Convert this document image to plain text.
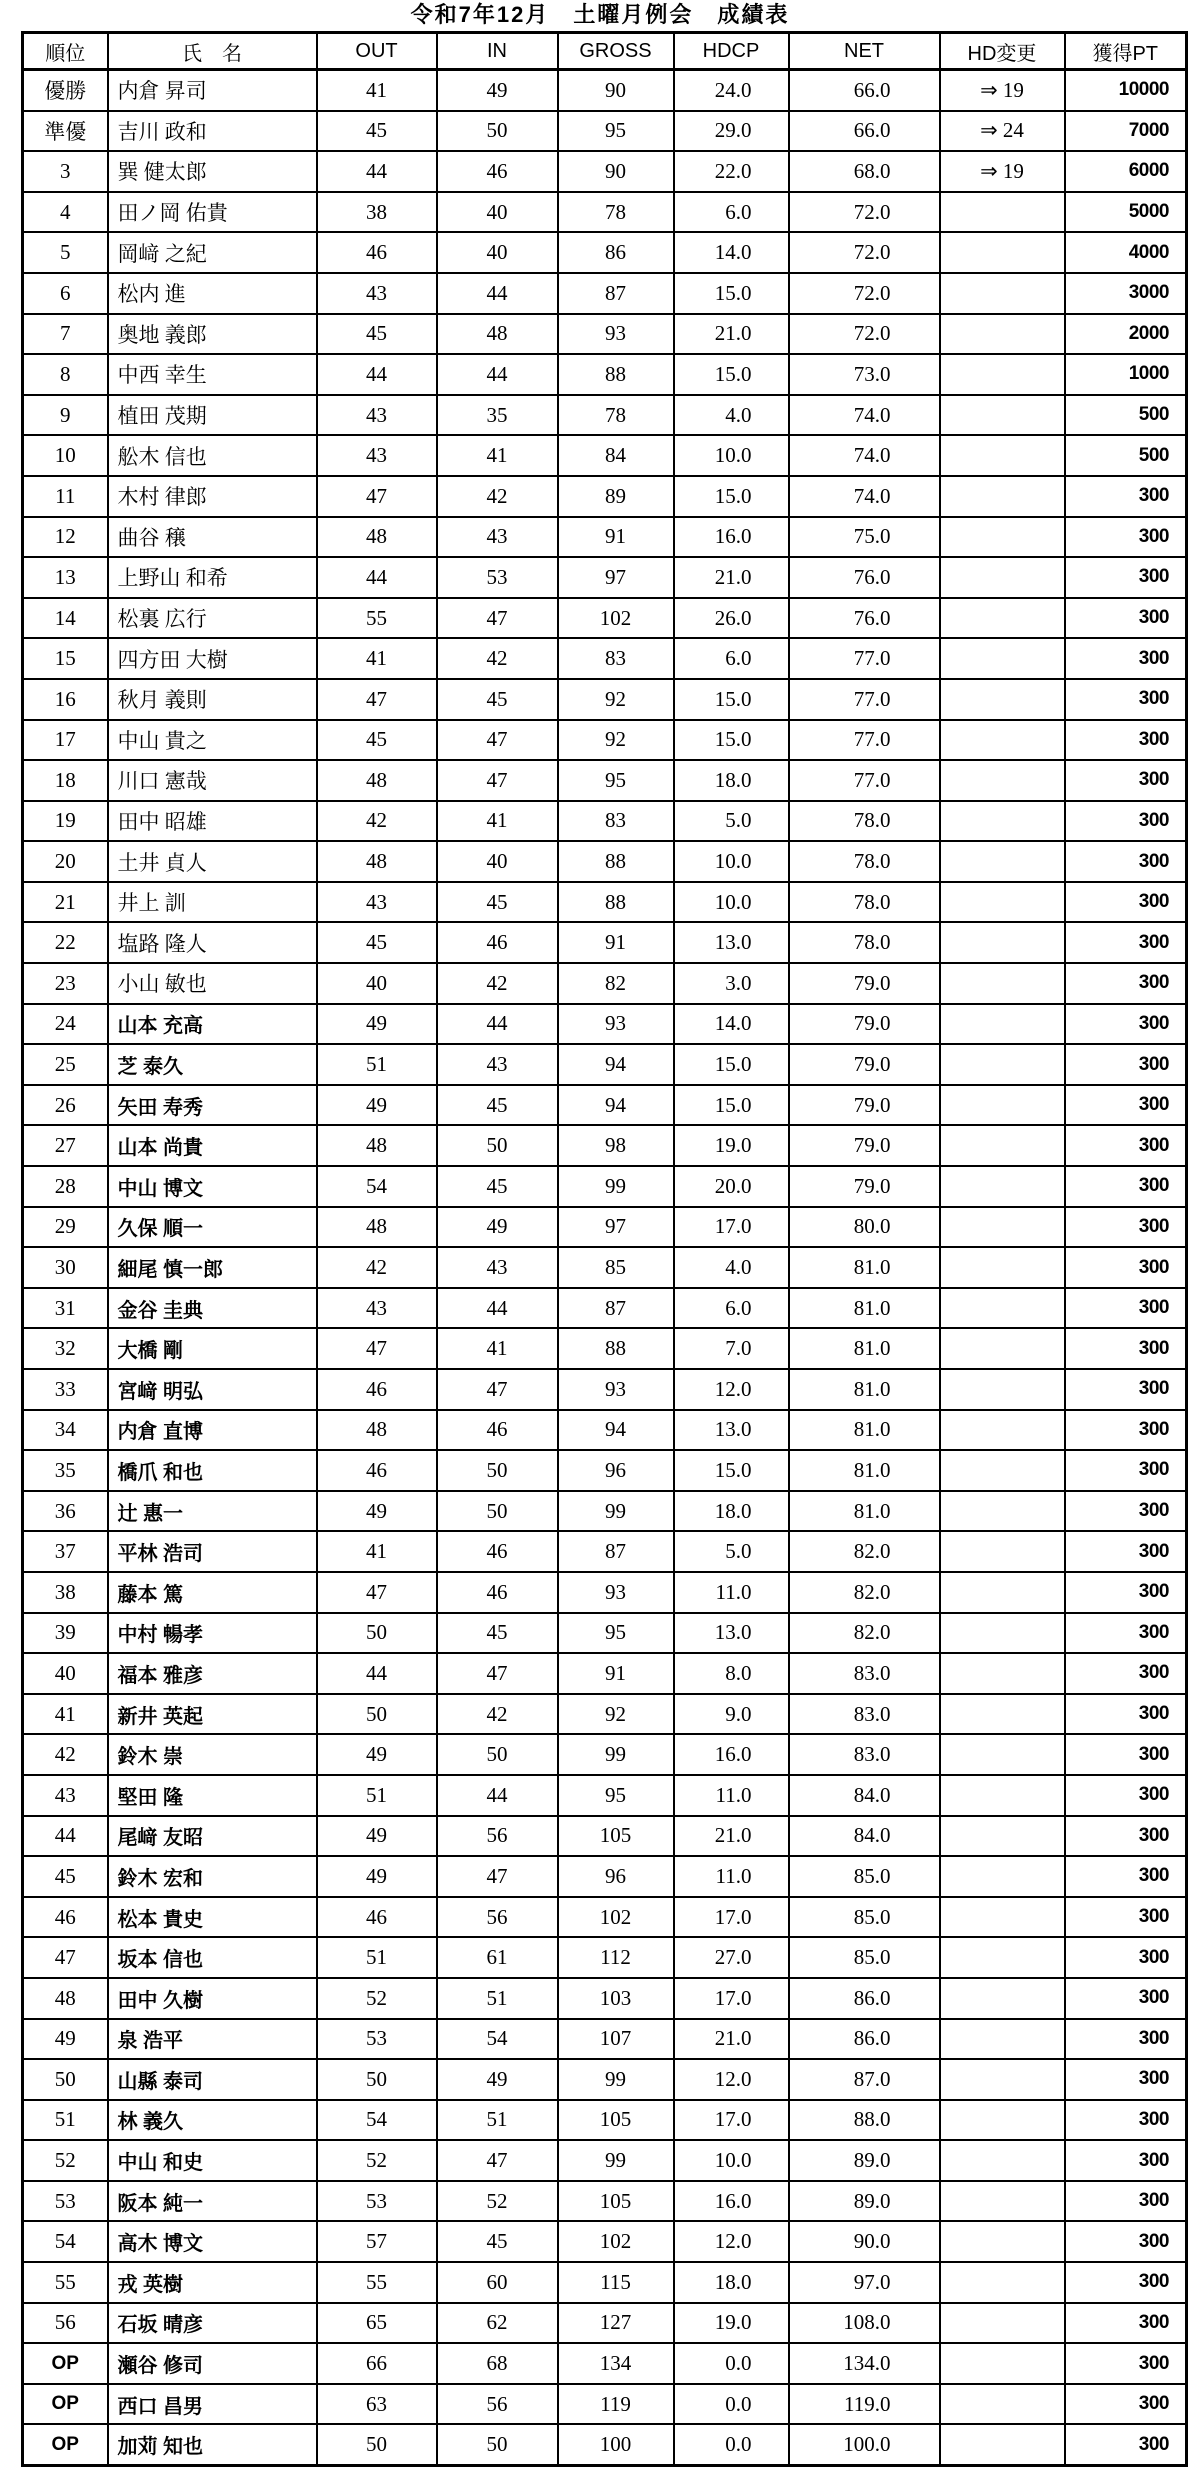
令和7年12月　土曜月例会　成績表
順位	氏　名	OUT	IN	GROSS	HDCP	NET	HD変更	獲得PT
優勝	内倉 昇司	41	49	90	24.0	66.0	⇒ 19	10000
準優	吉川 政和	45	50	95	29.0	66.0	⇒ 24	7000
3	巽 健太郎	44	46	90	22.0	68.0	⇒ 19	6000
4	田ノ岡 佑貴	38	40	78	6.0	72.0		5000
5	岡﨑 之紀	46	40	86	14.0	72.0		4000
6	松内 進	43	44	87	15.0	72.0		3000
7	奥地 義郎	45	48	93	21.0	72.0		2000
8	中西 幸生	44	44	88	15.0	73.0		1000
9	植田 茂期	43	35	78	4.0	74.0		500
10	舩木 信也	43	41	84	10.0	74.0		500
11	木村 律郎	47	42	89	15.0	74.0		300
12	曲谷 穣	48	43	91	16.0	75.0		300
13	上野山 和希	44	53	97	21.0	76.0		300
14	松裏 広行	55	47	102	26.0	76.0		300
15	四方田 大樹	41	42	83	6.0	77.0		300
16	秋月 義則	47	45	92	15.0	77.0		300
17	中山 貴之	45	47	92	15.0	77.0		300
18	川口 憲哉	48	47	95	18.0	77.0		300
19	田中 昭雄	42	41	83	5.0	78.0		300
20	土井 貞人	48	40	88	10.0	78.0		300
21	井上 訓	43	45	88	10.0	78.0		300
22	塩路 隆人	45	46	91	13.0	78.0		300
23	小山 敏也	40	42	82	3.0	79.0		300
24	山本 充高	49	44	93	14.0	79.0		300
25	芝 泰久	51	43	94	15.0	79.0		300
26	矢田 寿秀	49	45	94	15.0	79.0		300
27	山本 尚貴	48	50	98	19.0	79.0		300
28	中山 博文	54	45	99	20.0	79.0		300
29	久保 順一	48	49	97	17.0	80.0		300
30	細尾 慎一郎	42	43	85	4.0	81.0		300
31	金谷 圭典	43	44	87	6.0	81.0		300
32	大橋 剛	47	41	88	7.0	81.0		300
33	宮﨑 明弘	46	47	93	12.0	81.0		300
34	内倉 直博	48	46	94	13.0	81.0		300
35	橋爪 和也	46	50	96	15.0	81.0		300
36	辻 惠一	49	50	99	18.0	81.0		300
37	平林 浩司	41	46	87	5.0	82.0		300
38	藤本 篤	47	46	93	11.0	82.0		300
39	中村 暢孝	50	45	95	13.0	82.0		300
40	福本 雅彦	44	47	91	8.0	83.0		300
41	新井 英起	50	42	92	9.0	83.0		300
42	鈴木 崇	49	50	99	16.0	83.0		300
43	堅田 隆	51	44	95	11.0	84.0		300
44	尾﨑 友昭	49	56	105	21.0	84.0		300
45	鈴木 宏和	49	47	96	11.0	85.0		300
46	松本 貴史	46	56	102	17.0	85.0		300
47	坂本 信也	51	61	112	27.0	85.0		300
48	田中 久樹	52	51	103	17.0	86.0		300
49	泉 浩平	53	54	107	21.0	86.0		300
50	山縣 泰司	50	49	99	12.0	87.0		300
51	林 義久	54	51	105	17.0	88.0		300
52	中山 和史	52	47	99	10.0	89.0		300
53	阪本 純一	53	52	105	16.0	89.0		300
54	高木 博文	57	45	102	12.0	90.0		300
55	戎 英樹	55	60	115	18.0	97.0		300
56	石坂 晴彦	65	62	127	19.0	108.0		300
OP	瀬谷 修司	66	68	134	0.0	134.0		300
OP	西口 昌男	63	56	119	0.0	119.0		300
OP	加苅 知也	50	50	100	0.0	100.0		300
